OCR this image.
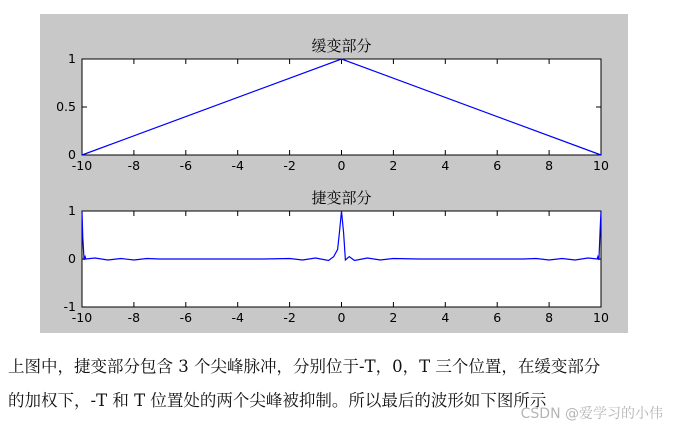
缓变部分
-10	-8	-6	-4	-2	0	2	4	6	8	10
0
0.5
1
捷变部分
-10	-8	-6	-4	-2	0	2	4	6	8	10
-1
0
1

上图中，捷变部分包含 3 个尖峰脉冲，分别位于-T，0，T 三个位置，在缓变部分

的加权下，-T 和 T 位置处的两个尖峰被抑制。所以最后的波形如下图所示

CSDN @爱学习的小伟
